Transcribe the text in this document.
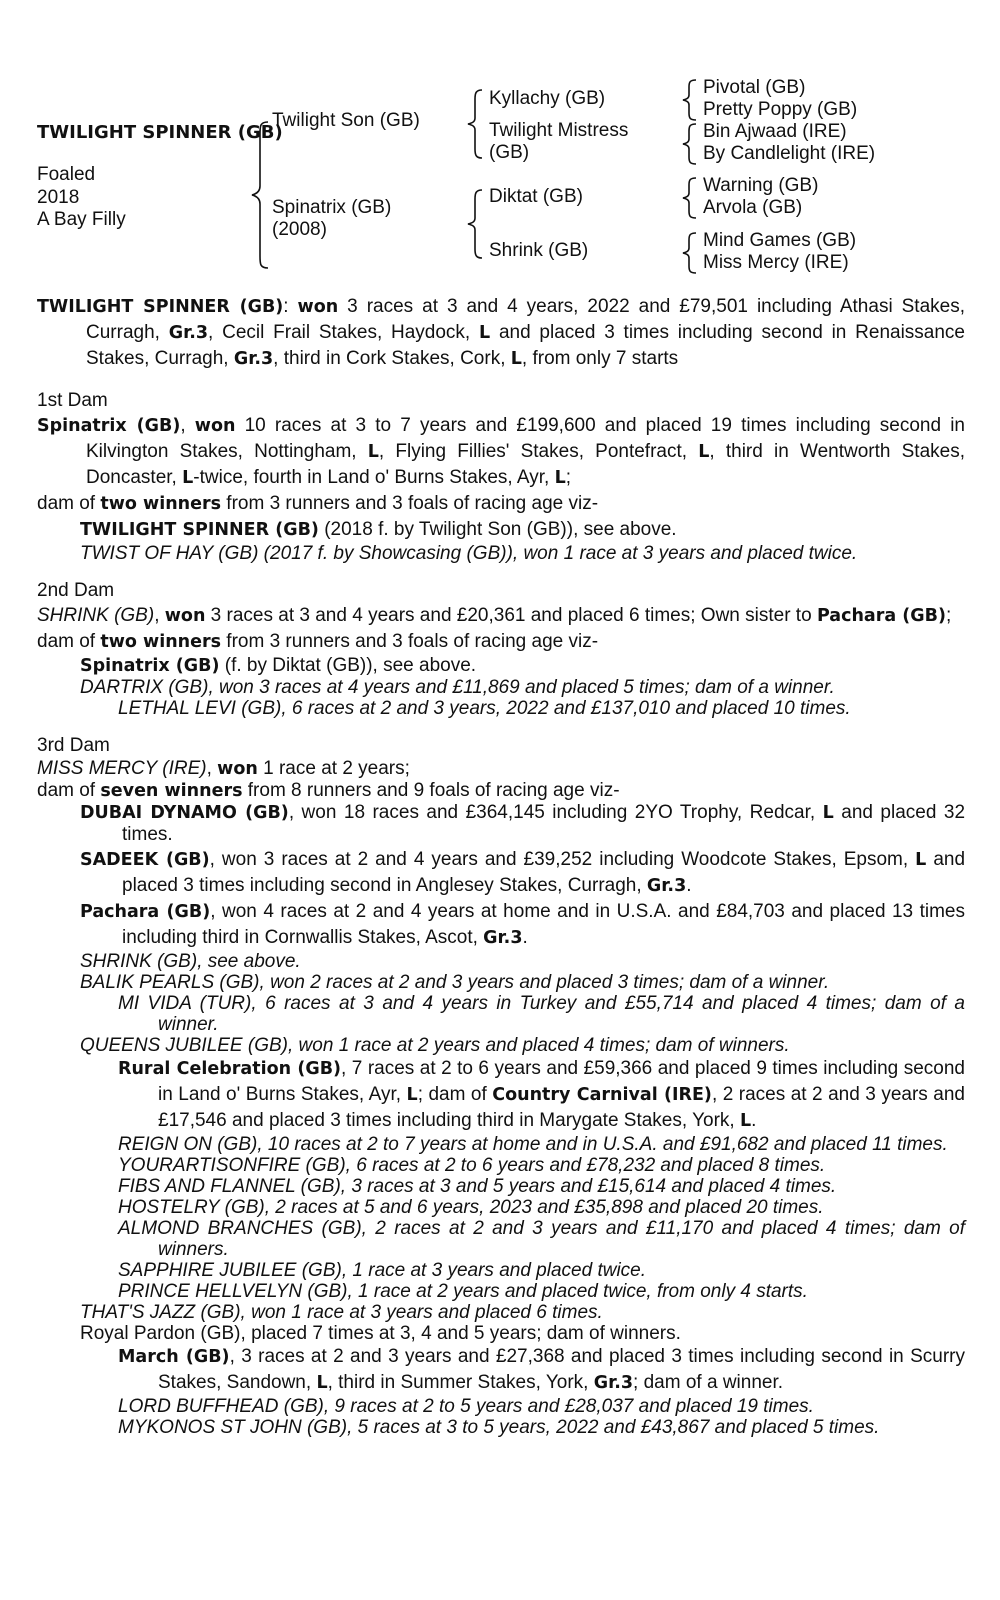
TWILIGHT SPINNER (GB)
Foaled
2018
A Bay Filly
Twilight Son (GB)
Spinatrix (GB)
(2008)
Kyllachy (GB)
Twilight Mistress
(GB)
Diktat (GB)
Shrink (GB)
Pivotal (GB)
Pretty Poppy (GB)
Bin Ajwaad (IRE)
By Candlelight (IRE)
Warning (GB)
Arvola (GB)
Mind Games (GB)
Miss Mercy (IRE)

TWILIGHT SPINNER (GB): won 3 races at 3 and 4 years, 2022 and £79,501 including Athasi Stakes, Curragh, Gr.3, Cecil Frail Stakes, Haydock, L and placed 3 times including second in Renaissance Stakes, Curragh, Gr.3, third in Cork Stakes, Cork, L, from only 7 starts

1st Dam

Spinatrix (GB), won 10 races at 3 to 7 years and £199,600 and placed 19 times including second in Kilvington Stakes, Nottingham, L, Flying Fillies' Stakes, Pontefract, L, third in Wentworth Stakes, Doncaster, L-twice, fourth in Land o' Burns Stakes, Ayr, L;

dam of two winners from 3 runners and 3 foals of racing age viz-

TWILIGHT SPINNER (GB) (2018 f. by Twilight Son (GB)), see above.

TWIST OF HAY (GB) (2017 f. by Showcasing (GB)), won 1 race at 3 years and placed twice.

2nd Dam

SHRINK (GB), won 3 races at 3 and 4 years and £20,361 and placed 6 times; Own sister to Pachara (GB);

dam of two winners from 3 runners and 3 foals of racing age viz-

Spinatrix (GB) (f. by Diktat (GB)), see above.

DARTRIX (GB), won 3 races at 4 years and £11,869 and placed 5 times; dam of a winner.

LETHAL LEVI (GB), 6 races at 2 and 3 years, 2022 and £137,010 and placed 10 times.

3rd Dam

MISS MERCY (IRE), won 1 race at 2 years;

dam of seven winners from 8 runners and 9 foals of racing age viz-

DUBAI DYNAMO (GB), won 18 races and £364,145 including 2YO Trophy, Redcar, L and placed 32 times.

SADEEK (GB), won 3 races at 2 and 4 years and £39,252 including Woodcote Stakes, Epsom, L and placed 3 times including second in Anglesey Stakes, Curragh, Gr.3.

Pachara (GB), won 4 races at 2 and 4 years at home and in U.S.A. and £84,703 and placed 13 times including third in Cornwallis Stakes, Ascot, Gr.3.

SHRINK (GB), see above.

BALIK PEARLS (GB), won 2 races at 2 and 3 years and placed 3 times; dam of a winner.

MI VIDA (TUR), 6 races at 3 and 4 years in Turkey and £55,714 and placed 4 times; dam of a winner.

QUEENS JUBILEE (GB), won 1 race at 2 years and placed 4 times; dam of winners.

Rural Celebration (GB), 7 races at 2 to 6 years and £59,366 and placed 9 times including second in Land o' Burns Stakes, Ayr, L; dam of Country Carnival (IRE), 2 races at 2 and 3 years and £17,546 and placed 3 times including third in Marygate Stakes, York, L.

REIGN ON (GB), 10 races at 2 to 7 years at home and in U.S.A. and £91,682 and placed 11 times.

YOURARTISONFIRE (GB), 6 races at 2 to 6 years and £78,232 and placed 8 times.

FIBS AND FLANNEL (GB), 3 races at 3 and 5 years and £15,614 and placed 4 times.

HOSTELRY (GB), 2 races at 5 and 6 years, 2023 and £35,898 and placed 20 times.

ALMOND BRANCHES (GB), 2 races at 2 and 3 years and £11,170 and placed 4 times; dam of winners.

SAPPHIRE JUBILEE (GB), 1 race at 3 years and placed twice.

PRINCE HELLVELYN (GB), 1 race at 2 years and placed twice, from only 4 starts.

THAT'S JAZZ (GB), won 1 race at 3 years and placed 6 times.

Royal Pardon (GB), placed 7 times at 3, 4 and 5 years; dam of winners.

March (GB), 3 races at 2 and 3 years and £27,368 and placed 3 times including second in Scurry Stakes, Sandown, L, third in Summer Stakes, York, Gr.3; dam of a winner.

LORD BUFFHEAD (GB), 9 races at 2 to 5 years and £28,037 and placed 19 times.

MYKONOS ST JOHN (GB), 5 races at 3 to 5 years, 2022 and £43,867 and placed 5 times.
